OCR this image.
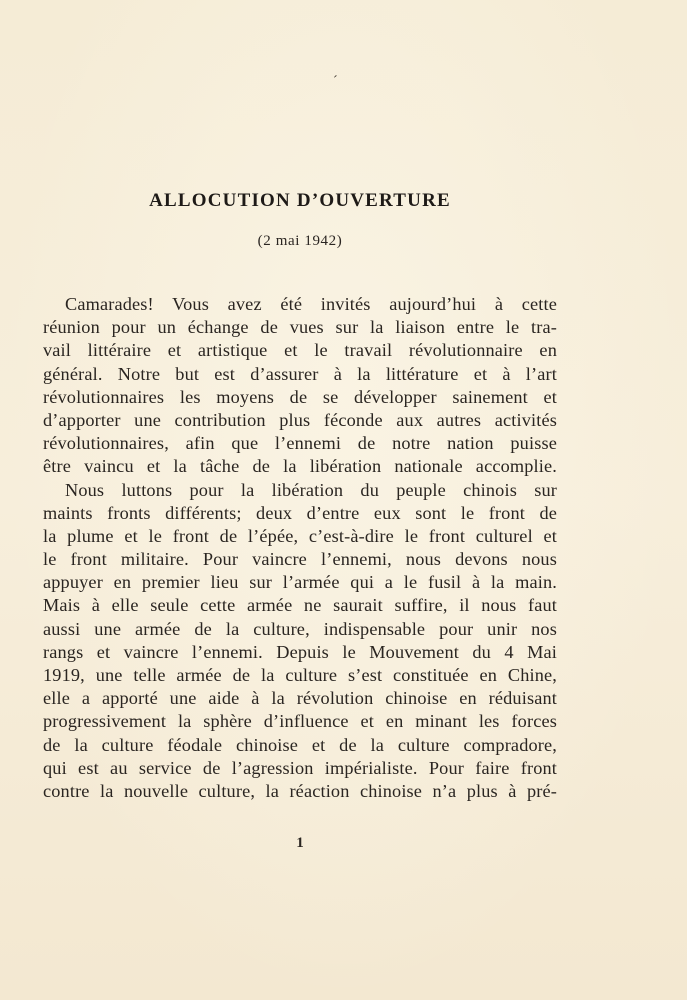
´
ALLOCUTION D’OUVERTURE
(2 mai 1942)

Camarades! Vous avez été invités aujourd’hui à cette
réunion pour un échange de vues sur la liaison entre le tra-
vail littéraire et artistique et le travail révolutionnaire en
général. Notre but est d’assurer à la littérature et à l’art
révolutionnaires les moyens de se développer sainement et
d’apporter une contribution plus féconde aux autres activités
révolutionnaires, afin que l’ennemi de notre nation puisse
être vaincu et la tâche de la libération nationale accomplie.

Nous luttons pour la libération du peuple chinois sur
maints fronts différents; deux d’entre eux sont le front de
la plume et le front de l’épée, c’est-à-dire le front culturel et
le front militaire. Pour vaincre l’ennemi, nous devons nous
appuyer en premier lieu sur l’armée qui a le fusil à la main.
Mais à elle seule cette armée ne saurait suffire, il nous faut
aussi une armée de la culture, indispensable pour unir nos
rangs et vaincre l’ennemi. Depuis le Mouvement du 4 Mai
1919, une telle armée de la culture s’est constituée en Chine,
elle a apporté une aide à la révolution chinoise en réduisant
progressivement la sphère d’influence et en minant les forces
de la culture féodale chinoise et de la culture compradore,
qui est au service de l’agression impérialiste. Pour faire front
contre la nouvelle culture, la réaction chinoise n’a plus à pré-

1
